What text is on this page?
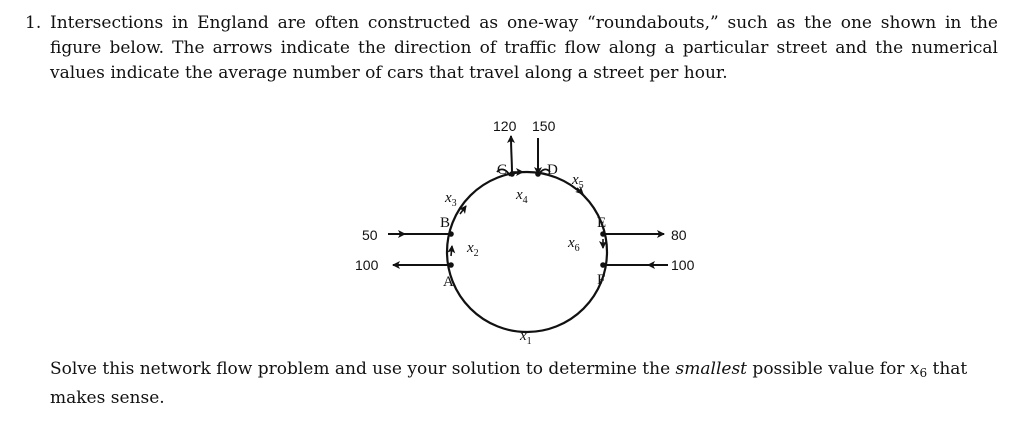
1. Intersections in England are often constructed as one-way “roundabouts,” such as the one shown in the figure below. The arrows indicate the direction of traffic flow along a particular street and the numerical values indicate the average number of cars that travel along a street per hour.

120 150
50
100
80
100
A
B
C	D
E
F
$x_1$
$x_2$
$x_3$
$x_4$
$x_5$
$x_6$

Solve this network flow problem and use your solution to determine the smallest possible value for x6 that makes sense.
